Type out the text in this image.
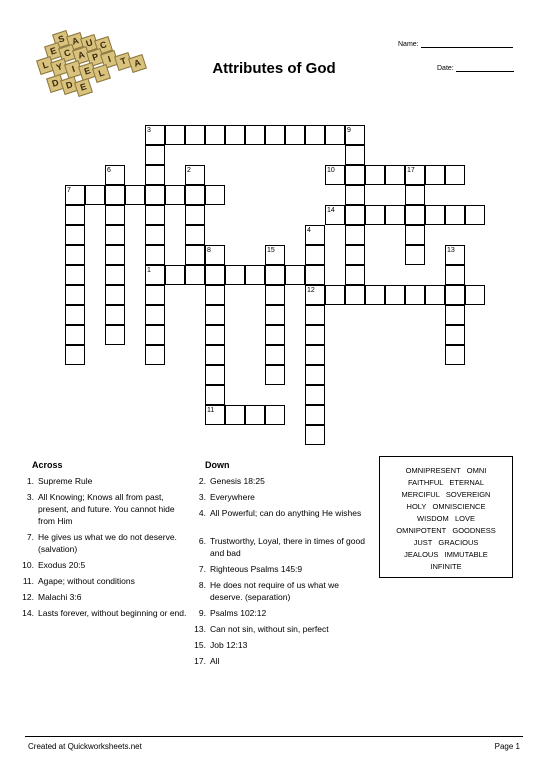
S A U C
E C A P I T A
L Y I E L
D D E
Name:
Date:
Attributes of God
1
2
3
4
6
7
8
9
10
11
12
13
14
15
17
Across
1. Supreme Rule
3. All Knowing; Knows all from past, present, and future. You cannot hide from Him
7. He gives us what we do not deserve. (salvation)
10. Exodus 20:5
11. Agape; without conditions
12. Malachi 3:6
14. Lasts forever, without beginning or end.
Down
2. Genesis 18:25
3. Everywhere
4. All Powerful; can do anything He wishes
6. Trustworthy, Loyal, there in times of good and bad
7. Righteous Psalms 145:9
8. He does not require of us what we deserve. (separation)
9. Psalms 102:12
13. Can not sin, without sin, perfect
15. Job 12:13
17. All
OMNIPRESENT   OMNI
FAITHFUL   ETERNAL
MERCIFUL   SOVEREIGN
HOLY   OMNISCIENCE
WISDOM   LOVE
OMNIPOTENT   GOODNESS
JUST   GRACIOUS
JEALOUS   IMMUTABLE
INFINITE
Created at Quickworksheets.net	Page 1
